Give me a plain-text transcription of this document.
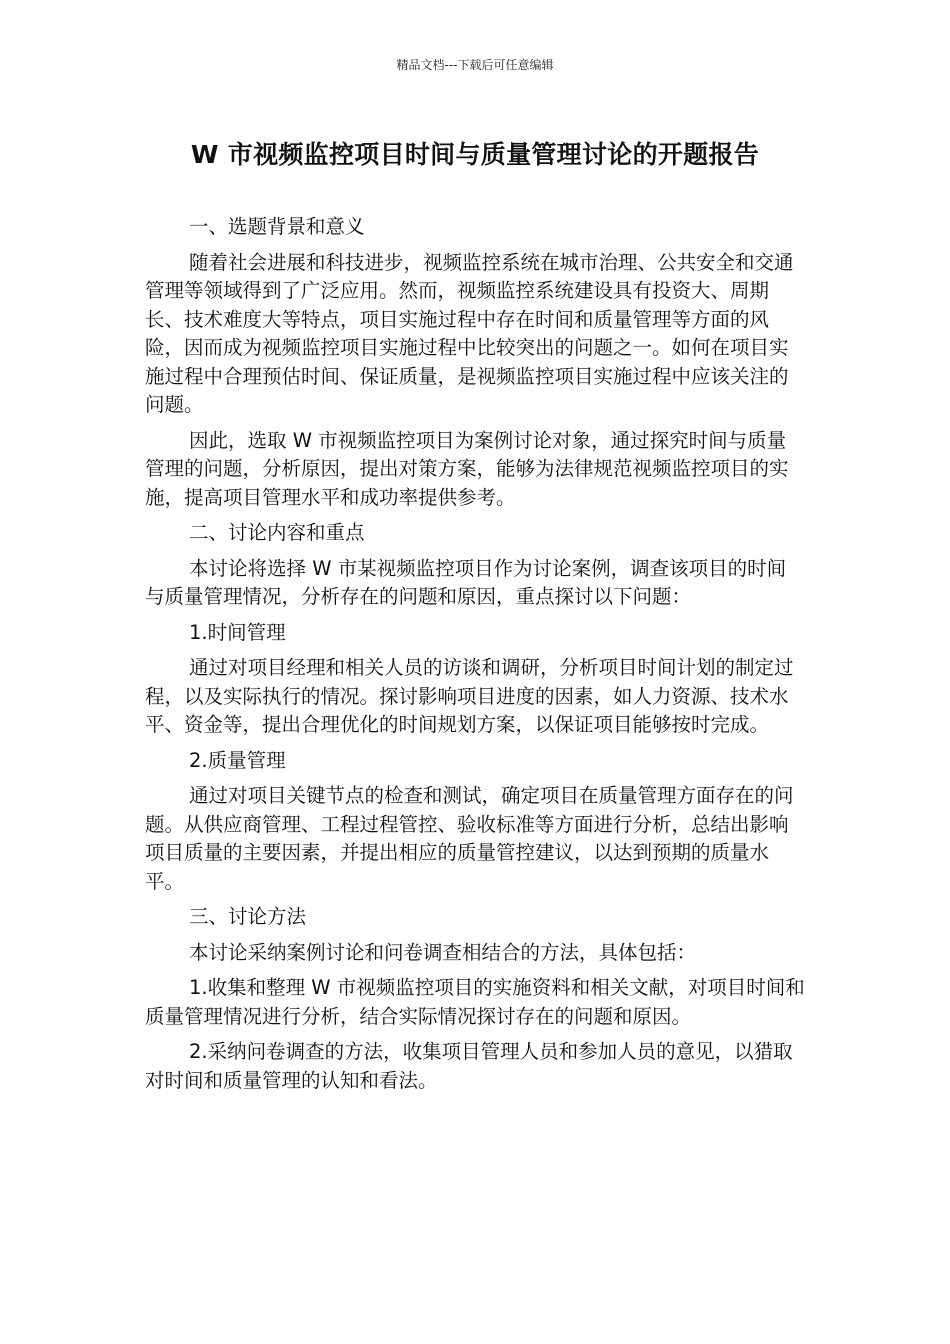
精品文档---下载后可任意编辑
W 市视频监控项目时间与质量管理讨论的开题报告

一、选题背景和意义

随着社会进展和科技进步，视频监控系统在城市治理、公共安全和交通管理等领域得到了广泛应用。然而，视频监控系统建设具有投资大、周期长、技术难度大等特点，项目实施过程中存在时间和质量管理等方面的风险，因而成为视频监控项目实施过程中比较突出的问题之一。如何在项目实施过程中合理预估时间、保证质量，是视频监控项目实施过程中应该关注的问题。

因此，选取 W 市视频监控项目为案例讨论对象，通过探究时间与质量管理的问题，分析原因，提出对策方案，能够为法律规范视频监控项目的实施，提高项目管理水平和成功率提供参考。

二、讨论内容和重点

本讨论将选择 W 市某视频监控项目作为讨论案例，调查该项目的时间与质量管理情况，分析存在的问题和原因，重点探讨以下问题：

1.时间管理

通过对项目经理和相关人员的访谈和调研，分析项目时间计划的制定过程，以及实际执行的情况。探讨影响项目进度的因素，如人力资源、技术水平、资金等，提出合理优化的时间规划方案，以保证项目能够按时完成。

2.质量管理

通过对项目关键节点的检查和测试，确定项目在质量管理方面存在的问题。从供应商管理、工程过程管控、验收标准等方面进行分析，总结出影响项目质量的主要因素，并提出相应的质量管控建议，以达到预期的质量水平。

三、讨论方法

本讨论采纳案例讨论和问卷调查相结合的方法，具体包括：

1.收集和整理 W 市视频监控项目的实施资料和相关文献，对项目时间和质量管理情况进行分析，结合实际情况探讨存在的问题和原因。

2.采纳问卷调查的方法，收集项目管理人员和参加人员的意见，以猎取对时间和质量管理的认知和看法。
